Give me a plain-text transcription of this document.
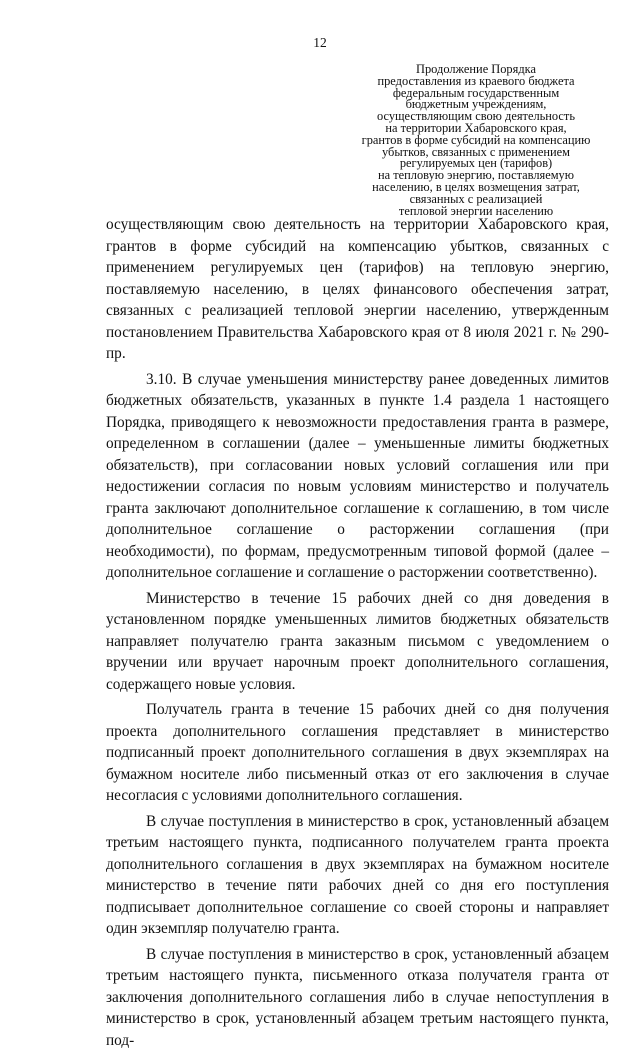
12
Продолжение Порядка
предоставления из краевого бюджета
федеральным государственным
бюджетным учреждениям,
осуществляющим свою деятельность
на территории Хабаровского края,
грантов в форме субсидий на компенсацию
убытков, связанных с применением
регулируемых цен (тарифов)
на тепловую энергию, поставляемую
населению, в целях возмещения затрат,
связанных с реализацией
тепловой энергии населению

осуществляющим свою деятельность на территории Хабаровского края, грантов в форме субсидий на компенсацию убытков, связанных с применением регулируемых цен (тарифов) на тепловую энергию, поставляемую населению, в целях финансового обеспечения затрат, связанных с реализацией тепловой энергии населению, утвержденным постановлением Правительства Хабаровского края от 8 июля 2021 г. № 290-пр.

3.10. В случае уменьшения министерству ранее доведенных лимитов бюджетных обязательств, указанных в пункте 1.4 раздела 1 настоящего Порядка, приводящего к невозможности предоставления гранта в размере, определенном в соглашении (далее – уменьшенные лимиты бюджетных обязательств), при согласовании новых условий соглашения или при недостижении согласия по новым условиям министерство и получатель гранта заключают дополнительное соглашение к соглашению, в том числе дополнительное соглашение о расторжении соглашения (при необходимости), по формам, предусмотренным типовой формой (далее – дополнительное соглашение и соглашение о расторжении соответственно).

Министерство в течение 15 рабочих дней со дня доведения в установленном порядке уменьшенных лимитов бюджетных обязательств направляет получателю гранта заказным письмом с уведомлением о вручении или вручает нарочным проект дополнительного соглашения, содержащего новые условия.

Получатель гранта в течение 15 рабочих дней со дня получения проекта дополнительного соглашения представляет в министерство подписанный проект дополнительного соглашения в двух экземплярах на бумажном носителе либо письменный отказ от его заключения в случае несогласия с условиями дополнительного соглашения.

В случае поступления в министерство в срок, установленный абзацем третьим настоящего пункта, подписанного получателем гранта проекта дополнительного соглашения в двух экземплярах на бумажном носителе министерство в течение пяти рабочих дней со дня его поступления подписывает дополнительное соглашение со своей стороны и направляет один экземпляр получателю гранта.

В случае поступления в министерство в срок, установленный абзацем третьим настоящего пункта, письменного отказа получателя гранта от заключения дополнительного соглашения либо в случае непоступления в министерство в срок, установленный абзацем третьим настоящего пункта, под-
